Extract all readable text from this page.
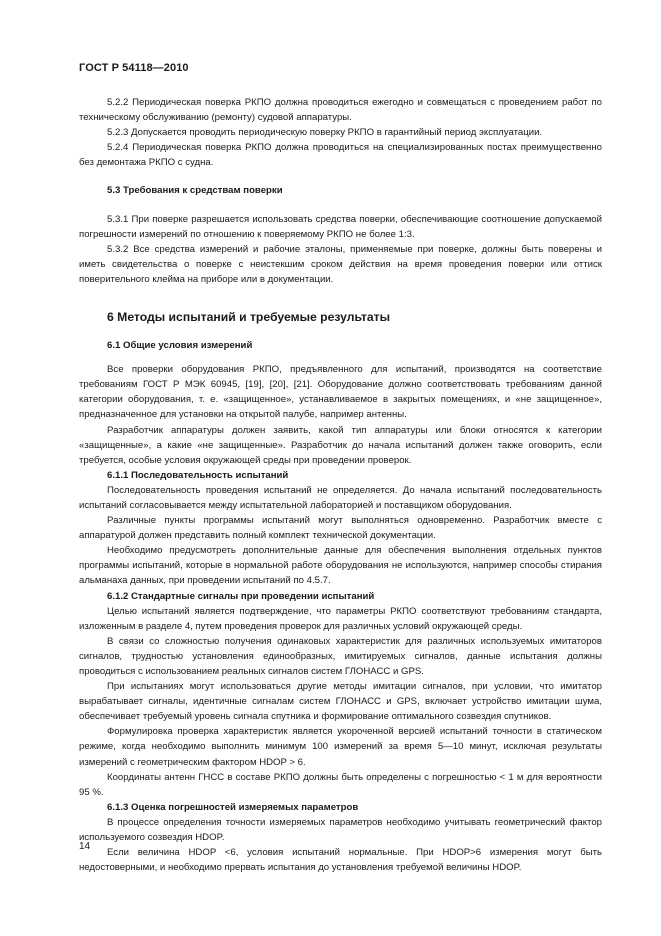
ГОСТ Р 54118—2010

5.2.2 Периодическая поверка РКПО должна проводиться ежегодно и совмещаться с проведением работ по техническому обслуживанию (ремонту) судовой аппаратуры.

5.2.3 Допускается проводить периодическую поверку РКПО в гарантийный период эксплуатации.

5.2.4 Периодическая поверка РКПО должна проводиться на специализированных постах преимущественно без демонтажа РКПО с судна.

5.3 Требования к средствам поверки

5.3.1 При поверке разрешается использовать средства поверки, обеспечивающие соотношение допускаемой погрешности измерений по отношению к поверяемому РКПО не более 1:3.

5.3.2 Все средства измерений и рабочие эталоны, применяемые при поверке, должны быть поверены и иметь свидетельства о поверке с неистекшим сроком действия на время проведения поверки или оттиск поверительного клейма на приборе или в документации.

6 Методы испытаний и требуемые результаты
6.1 Общие условия измерений

Все проверки оборудования РКПО, предъявленного для испытаний, производятся на соответствие требованиям ГОСТ Р МЭК 60945, [19], [20], [21]. Оборудование должно соответствовать требованиям данной категории оборудования, т. е. «защищенное», устанавливаемое в закрытых помещениях, и «не защищенное», предназначенное для установки на открытой палубе, например антенны.

Разработчик аппаратуры должен заявить, какой тип аппаратуры или блоки относятся к категории «защищенные», а какие «не защищенные». Разработчик до начала испытаний должен также оговорить, если требуется, особые условия окружающей среды при проведении проверок.

6.1.1 Последовательность испытаний

Последовательность проведения испытаний не определяется. До начала испытаний последовательность испытаний согласовывается между испытательной лабораторией и поставщиком оборудования.

Различные пункты программы испытаний могут выполняться одновременно. Разработчик вместе с аппаратурой должен представить полный комплект технической документации.

Необходимо предусмотреть дополнительные данные для обеспечения выполнения отдельных пунктов программы испытаний, которые в нормальной работе оборудования не используются, например способы стирания альманаха данных, при проведении испытаний по 4.5.7.

6.1.2 Стандартные сигналы при проведении испытаний

Целью испытаний является подтверждение, что параметры РКПО соответствуют требованиям стандарта, изложенным в разделе 4, путем проведения проверок для различных условий окружающей среды.

В связи со сложностью получения одинаковых характеристик для различных используемых имитаторов сигналов, трудностью установления единообразных, имитируемых сигналов, данные испытания должны проводиться с использованием реальных сигналов систем ГЛОНАСС и GPS.

При испытаниях могут использоваться другие методы имитации сигналов, при условии, что имитатор вырабатывает сигналы, идентичные сигналам систем ГЛОНАСС и GPS, включает устройство имитации шума, обеспечивает требуемый уровень сигнала спутника и формирование оптимального созвездия спутников.

Формулировка проверка характеристик является укороченной версией испытаний точности в статическом режиме, когда необходимо выполнить минимум 100 измерений за время 5—10 минут, исключая результаты измерений с геометрическим фактором HDOP > 6.

Координаты антенн ГНСС в составе РКПО должны быть определены с погрешностью < 1 м для вероятности 95 %.

6.1.3 Оценка погрешностей измеряемых параметров

В процессе определения точности измеряемых параметров необходимо учитывать геометрический фактор используемого созвездия HDOP.

Если величина HDOP <6, условия испытаний нормальные. При HDOP>6 измерения могут быть недостоверными, и необходимо прервать испытания до установления требуемой величины HDOP.

14
